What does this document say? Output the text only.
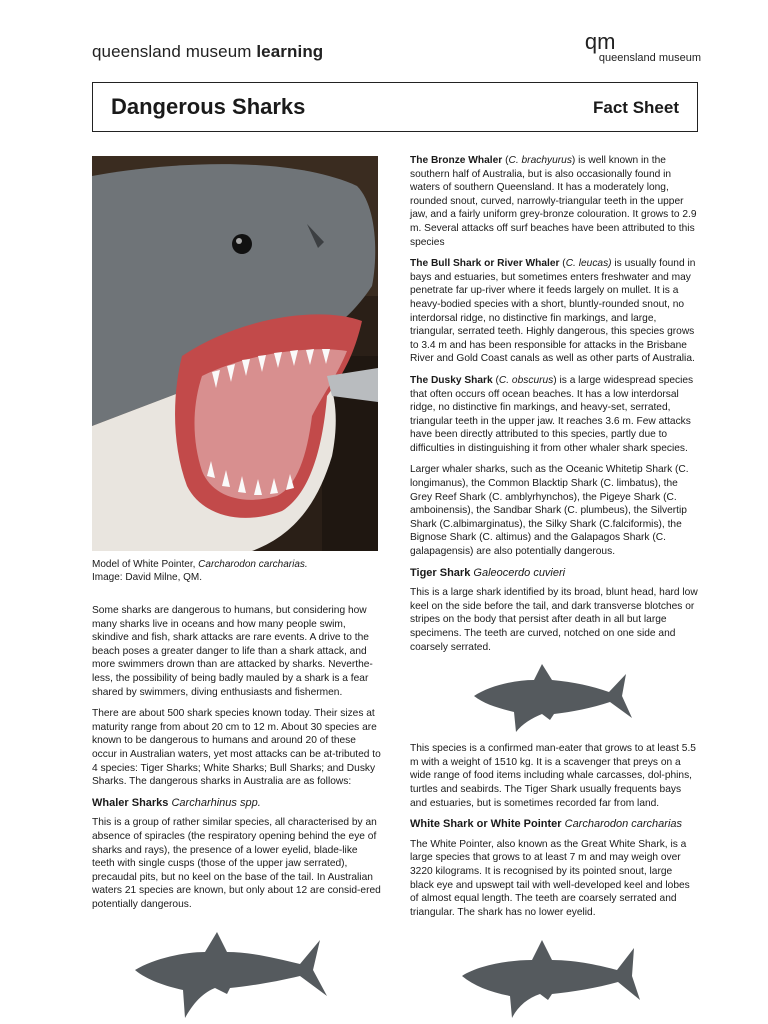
queensland museum learning	qm
queensland museum
Dangerous Sharks	Fact Sheet
Model of White Pointer, Carcharodon carcharias.
Image: David Milne, QM.

Some sharks are dangerous to humans, but considering how many sharks live in oceans and how many people swim, skindive and fish, shark attacks are rare events. A drive to the beach poses a greater danger to life than a shark attack, and more swimmers drown than are attacked by sharks. Neverthe-less, the possibility of being badly mauled by a shark is a fear shared by swimmers, diving enthusiasts and fishermen.

There are about 500 shark species known today. Their sizes at maturity range from about 20 cm to 12 m. About 30 species are known to be dangerous to humans and around 20 of these occur in Australian waters, yet most attacks can be at-tributed to 4 species: Tiger Sharks; White Sharks; Bull Sharks; and Dusky Sharks. The dangerous sharks in Australia are as follows:

Whaler Sharks Carcharhinus spp.

This is a group of rather similar species, all characterised by an absence of spiracles (the respiratory opening behind the eye of sharks and rays), the presence of a lower eyelid, blade-like teeth with single cusps (those of the upper jaw serrated), precaudal pits, but no keel on the base of the tail. In Australian waters 21 species are known, but only about 12 are consid-ered potentially dangerous.

The Bronze Whaler (C. brachyurus) is well known in the southern half of Australia, but is also occasionally found in waters of southern Queensland. It has a moderately long, rounded snout, curved, narrowly-triangular teeth in the upper jaw, and a fairly uniform grey-bronze colouration. It grows to 2.9 m. Several attacks off surf beaches have been attributed to this species

The Bull Shark or River Whaler (C. leucas) is usually found in bays and estuaries, but sometimes enters freshwater and may penetrate far up-river where it feeds largely on mullet. It is a heavy-bodied species with a short, bluntly-rounded snout, no interdorsal ridge, no distinctive fin markings, and large, triangular, serrated teeth. Highly dangerous, this species grows to 3.4 m and has been responsible for attacks in the Brisbane River and Gold Coast canals as well as other parts of Australia.

The Dusky Shark (C. obscurus) is a large widespread species that often occurs off ocean beaches. It has a low interdorsal ridge, no distinctive fin markings, and heavy-set, serrated, triangular teeth in the upper jaw. It reaches 3.6 m. Few attacks have been directly attributed to this species, partly due to difficulties in distinguishing it from other whaler shark species.

Larger whaler sharks, such as the Oceanic Whitetip Shark (C. longimanus), the Common Blacktip Shark (C. limbatus), the Grey Reef Shark (C. amblyrhynchos), the Pigeye Shark (C. amboinensis), the Sandbar Shark (C. plumbeus), the Silvertip Shark (C.albimarginatus), the Silky Shark (C.falciformis), the Bignose Shark (C. altimus) and the Galapagos Shark (C. galapagensis) are also potentially dangerous.

Tiger Shark Galeocerdo cuvieri

This is a large shark identified by its broad, blunt head, hard low keel on the side before the tail, and dark transverse blotches or stripes on the body that persist after death in all but large specimens. The teeth are curved, notched on one side and coarsely serrated.

This species is a confirmed man-eater that grows to at least 5.5 m with a weight of 1510 kg. It is a scavenger that preys on a wide range of food items including whale carcasses, dol-phins, turtles and seabirds. The Tiger Shark usually frequents bays and estuaries, but is sometimes recorded far from land.

White Shark or White Pointer Carcharodon carcharias

The White Pointer, also known as the Great White Shark, is a large species that grows to at least 7 m and may weigh over 3220 kilograms. It is recognised by its pointed snout, large black eye and upswept tail with well-developed keel and lobes of almost equal length. The teeth are coarsely serrated and triangular. The shark has no lower eyelid.
